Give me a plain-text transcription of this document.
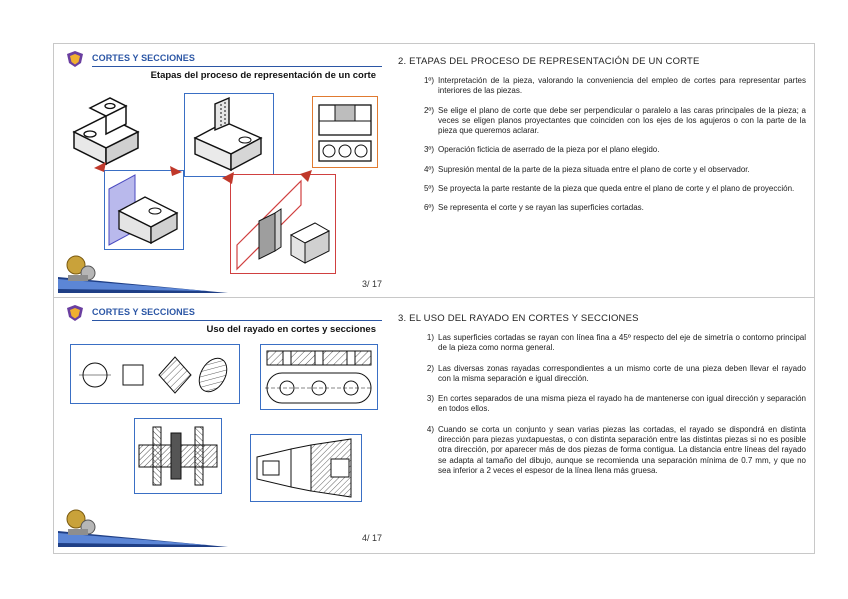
CORTES Y SECCIONES
Etapas del proceso de representación de un corte
3/ 17
CORTES Y SECCIONES
Uso del rayado en cortes y secciones
4/ 17
2. ETAPAS DEL PROCESO DE REPRESENTACIÓN DE UN CORTE
1º) Interpretación de la pieza, valorando la conveniencia del empleo de cortes para representar partes interiores de las piezas.
2º) Se elige el plano de corte que debe ser perpendicular o paralelo a las caras principales de la pieza; a veces se eligen planos proyectantes que coinciden con los ejes de los agujeros o con la parte de la pieza que queremos aclarar.
3º) Operación ficticia de aserrado de la pieza por el plano elegido.
4º) Supresión mental de la parte de la pieza situada entre el plano de corte y el observador.
5º) Se proyecta la parte restante de la pieza que queda entre el plano de corte y el plano de proyección.
6º) Se representa el corte y se rayan las superficies cortadas.
3. EL USO DEL RAYADO EN CORTES Y SECCIONES
1) Las superficies cortadas se rayan con línea fina a 45º respecto del eje de simetría o contorno principal de la pieza como norma general.
2) Las diversas zonas rayadas correspondientes a un mismo corte de una pieza deben llevar el rayado con la misma separación e igual dirección.
3) En cortes separados de una misma pieza el rayado ha de mantenerse con igual dirección y separación en todos ellos.
4) Cuando se corta un conjunto y sean varias piezas las cortadas, el rayado se dispondrá en distinta dirección para piezas yuxtapuestas, o con distinta separación entre las distintas piezas si no es posible otra dirección, por aparecer más de dos piezas de forma contigua. La distancia entre líneas del rayado se adapta al tamaño del dibujo, aunque se recomienda una separación mínima de 0.7 mm, y que no sea inferior a 2 veces el espesor de la línea llena más gruesa.
